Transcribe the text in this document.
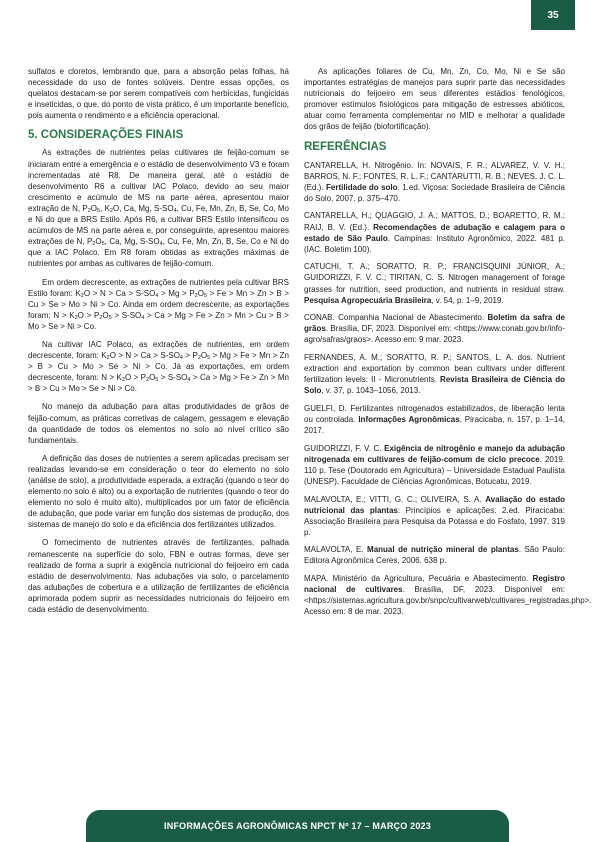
35

sulfatos e cloretos, lembrando que, para a absorção pelas folhas, há necessidade do uso de fontes solúveis. Dentre essas opções, os quelatos destacam-se por serem compatíveis com herbicidas, fungicidas e inseticidas, o que, do ponto de vista prático, é um importante benefício, pois aumenta o rendimento e a eficiência operacional.

5. CONSIDERAÇÕES FINAIS

As extrações de nutrientes pelas cultivares de feijão-comum se iniciaram entre a emergência e o estádio de desenvolvimento V3 e foram incrementadas até R8. De maneira geral, até o estádio de desenvolvimento R6 a cultivar IAC Polaco, devido ao seu maior crescimento e acúmulo de MS na parte aérea, apresentou maior extração de N, $P_2O_5$, $K_2O$, Ca, Mg, $S-SO_4$, Cu, Fe, Mn, Zn, B, Se, Co, Mo e Ni do que a BRS Estilo. Após R6, a cultivar BRS Estilo intensificou os acúmulos de MS na parte aérea e, por conseguinte, apresentou maiores extrações de N, $P_2O_5$, Ca, Mg, $S-SO_4$, Cu, Fe, Mn, Zn, B, Se, Co e Ni do que a IAC Polaco. Em R8 foram obtidas as extrações máximas de nutrientes por ambas as cultivares de feijão-comum.

Em ordem decrescente, as extrações de nutrientes pela cultivar BRS Estilo foram: $K_2O > N > Ca > S-SO_4 > Mg > P_2O_5 > Fe > Mn > Zn > B > Cu > Se > Mo > Ni > Co$. Ainda em ordem decrescente, as exportações foram: $N > K_2O > P_2O_5 > S-SO_4 > Ca > Mg > Fe > Zn > Mn > Cu > B > Mo > Se > Ni > Co$.

Na cultivar IAC Polaco, as extrações de nutrientes, em ordem decrescente, foram: $K_2O > N > Ca > S-SO_4 > P_2O_5 > Mg > Fe > Mn > Zn > B > Cu > Mo > Se > Ni > Co$. Já as exportações, em ordem decrescente, foram: $N > K_2O > P_2O_5 > S-SO_4 > Ca > Mg > Fe > Zn > Mn > B > Cu > Mo > Se > Ni > Co$.

No manejo da adubação para altas produtividades de grãos de feijão-comum, as práticas corretivas de calagem, gessagem e elevação da quantidade de todos os elementos no solo ao nível crítico são fundamentais.

A definição das doses de nutrientes a serem aplicadas precisam ser realizadas levando-se em consideração o teor do elemento no solo (análise de solo), a produtividade esperada, a extração (quando o teor do elemento no solo é alto) ou a exportação de nutrientes (quando o teor do elemento no solo é muito alto), multiplicados por um fator de eficiência de adubação, que pode variar em função dos sistemas de produção, dos sistemas de manejo do solo e da eficiência dos fertilizantes utilizados.

O fornecimento de nutrientes através de fertilizantes, palhada remanescente na superfície do solo, FBN e outras formas, deve ser realizado de forma a suprir a exigência nutricional do feijoeiro em cada estádio de desenvolvimento. Nas adubações via solo, o parcelamento das adubações de cobertura e a utilização de fertilizantes de eficiência aprimorada podem suprir as necessidades nutricionais do feijoeiro em cada estádio de desenvolvimento.

As aplicações foliares de Cu, Mn, Zn, Co, Mo, Ni e Se são importantes estratégias de manejos para suprir parte das necessidades nutricionais do feijoeiro em seus diferentes estádios fenológicos, promover estímulos fisiológicos para mitigação de estresses abióticos, atuar como ferramenta complementar no MID e melhorar a qualidade dos grãos de feijão (biofortificação).

REFERÊNCIAS

CANTARELLA, H. Nitrogênio. In: NOVAIS, F. R.; ALVAREZ, V. V. H.; BARROS, N. F.; FONTES, R. L. F.; CANTARUTTI, R. B.; NEVES, J. C. L. (Ed.). Fertilidade do solo. 1.ed. Viçosa: Sociedade Brasileira de Ciência do Solo, 2007. p. 375–470.

CANTARELLA, H.; QUAGGIO, J. A.; MATTOS, D.; BOARETTO, R. M.; RAIJ, B. V. (Ed.). Recomendações de adubação e calagem para o estado de São Paulo. Campinas: Instituto Agronômico, 2022. 481 p. (IAC. Boletim 100).

CATUCHI, T. A.; SORATTO, R. P.; FRANCISQUINI JÚNIOR, A.; GUIDORIZZI, F. V. C.; TIRITAN, C. S. Nitrogen management of forage grasses for nutrition, seed production, and nutrients in residual straw. Pesquisa Agropecuária Brasileira, v. 54, p. 1–9, 2019.

CONAB. Companhia Nacional de Abastecimento. Boletim da safra de grãos. Brasília, DF, 2023. Disponível em: <https://www.conab.gov.br/info-agro/safras/graos>. Acesso em: 9 mar. 2023.

FERNANDES, A. M.; SORATTO, R. P.; SANTOS, L. A. dos. Nutrient extraction and exportation by common bean cultivars under different fertilization levels: II - Micronutrients. Revista Brasileira de Ciência do Solo, v. 37, p. 1043–1056, 2013.

GUELFI, D. Fertilizantes nitrogenados estabilizados, de liberação lenta ou controlada. Informações Agronômicas, Piracicaba, n. 157, p. 1–14, 2017.

GUIDORIZZI, F. V. C. Exigência de nitrogênio e manejo da adubação nitrogenada em cultivares de feijão-comum de ciclo precoce. 2019. 110 p. Tese (Doutorado em Agricultura) – Universidade Estadual Paulista (UNESP), Faculdade de Ciências Agronômicas, Botucatu, 2019.

MALAVOLTA, E.; VITTI, G. C.; OLIVEIRA, S. A. Avaliação do estado nutricional das plantas: Princípios e aplicações. 2.ed. Piracicaba: Associação Brasileira para Pesquisa da Potassa e do Fosfato, 1997. 319 p.

MALAVOLTA, E. Manual de nutrição mineral de plantas. São Paulo: Editora Agronômica Ceres, 2006. 638 p.

MAPA. Ministério da Agricultura, Pecuária e Abastecimento. Registro nacional de cultivares. Brasília, DF, 2023. Disponível em: <https://sistemas.agricultura.gov.br/snpc/cultivarweb/cultivares_registradas.php>. Acesso em: 8 de mar. 2023.

INFORMAÇÕES AGRONÔMICAS NPCT Nº 17 – MARÇO 2023
